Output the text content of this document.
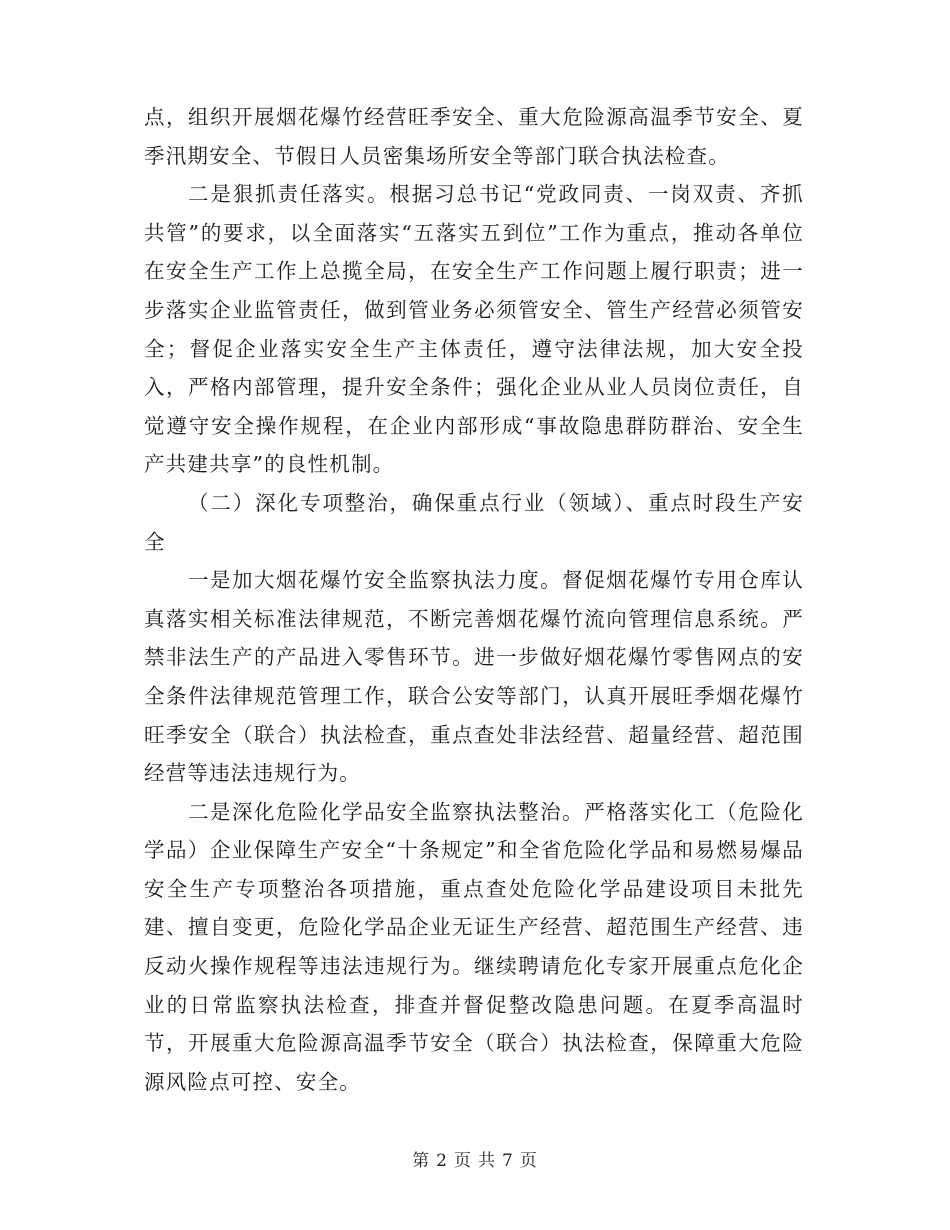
点，组织开展烟花爆竹经营旺季安全、重大危险源高温季节安全、夏季汛期安全、节假日人员密集场所安全等部门联合执法检查。

二是狠抓责任落实。根据习总书记“党政同责、一岗双责、齐抓共管”的要求，以全面落实“五落实五到位”工作为重点，推动各单位在安全生产工作上总揽全局，在安全生产工作问题上履行职责；进一步落实企业监管责任，做到管业务必须管安全、管生产经营必须管安全；督促企业落实安全生产主体责任，遵守法律法规，加大安全投入，严格内部管理，提升安全条件；强化企业从业人员岗位责任，自觉遵守安全操作规程，在企业内部形成“事故隐患群防群治、安全生产共建共享”的良性机制。

（二）深化专项整治，确保重点行业（领域）、重点时段生产安全

一是加大烟花爆竹安全监察执法力度。督促烟花爆竹专用仓库认真落实相关标准法律规范，不断完善烟花爆竹流向管理信息系统。严禁非法生产的产品进入零售环节。进一步做好烟花爆竹零售网点的安全条件法律规范管理工作，联合公安等部门，认真开展旺季烟花爆竹旺季安全（联合）执法检查，重点查处非法经营、超量经营、超范围经营等违法违规行为。

二是深化危险化学品安全监察执法整治。严格落实化工（危险化学品）企业保障生产安全“十条规定”和全省危险化学品和易燃易爆品安全生产专项整治各项措施，重点查处危险化学品建设项目未批先建、擅自变更，危险化学品企业无证生产经营、超范围生产经营、违反动火操作规程等违法违规行为。继续聘请危化专家开展重点危化企业的日常监察执法检查，排查并督促整改隐患问题。在夏季高温时节，开展重大危险源高温季节安全（联合）执法检查，保障重大危险源风险点可控、安全。

第 2 页 共 7 页
